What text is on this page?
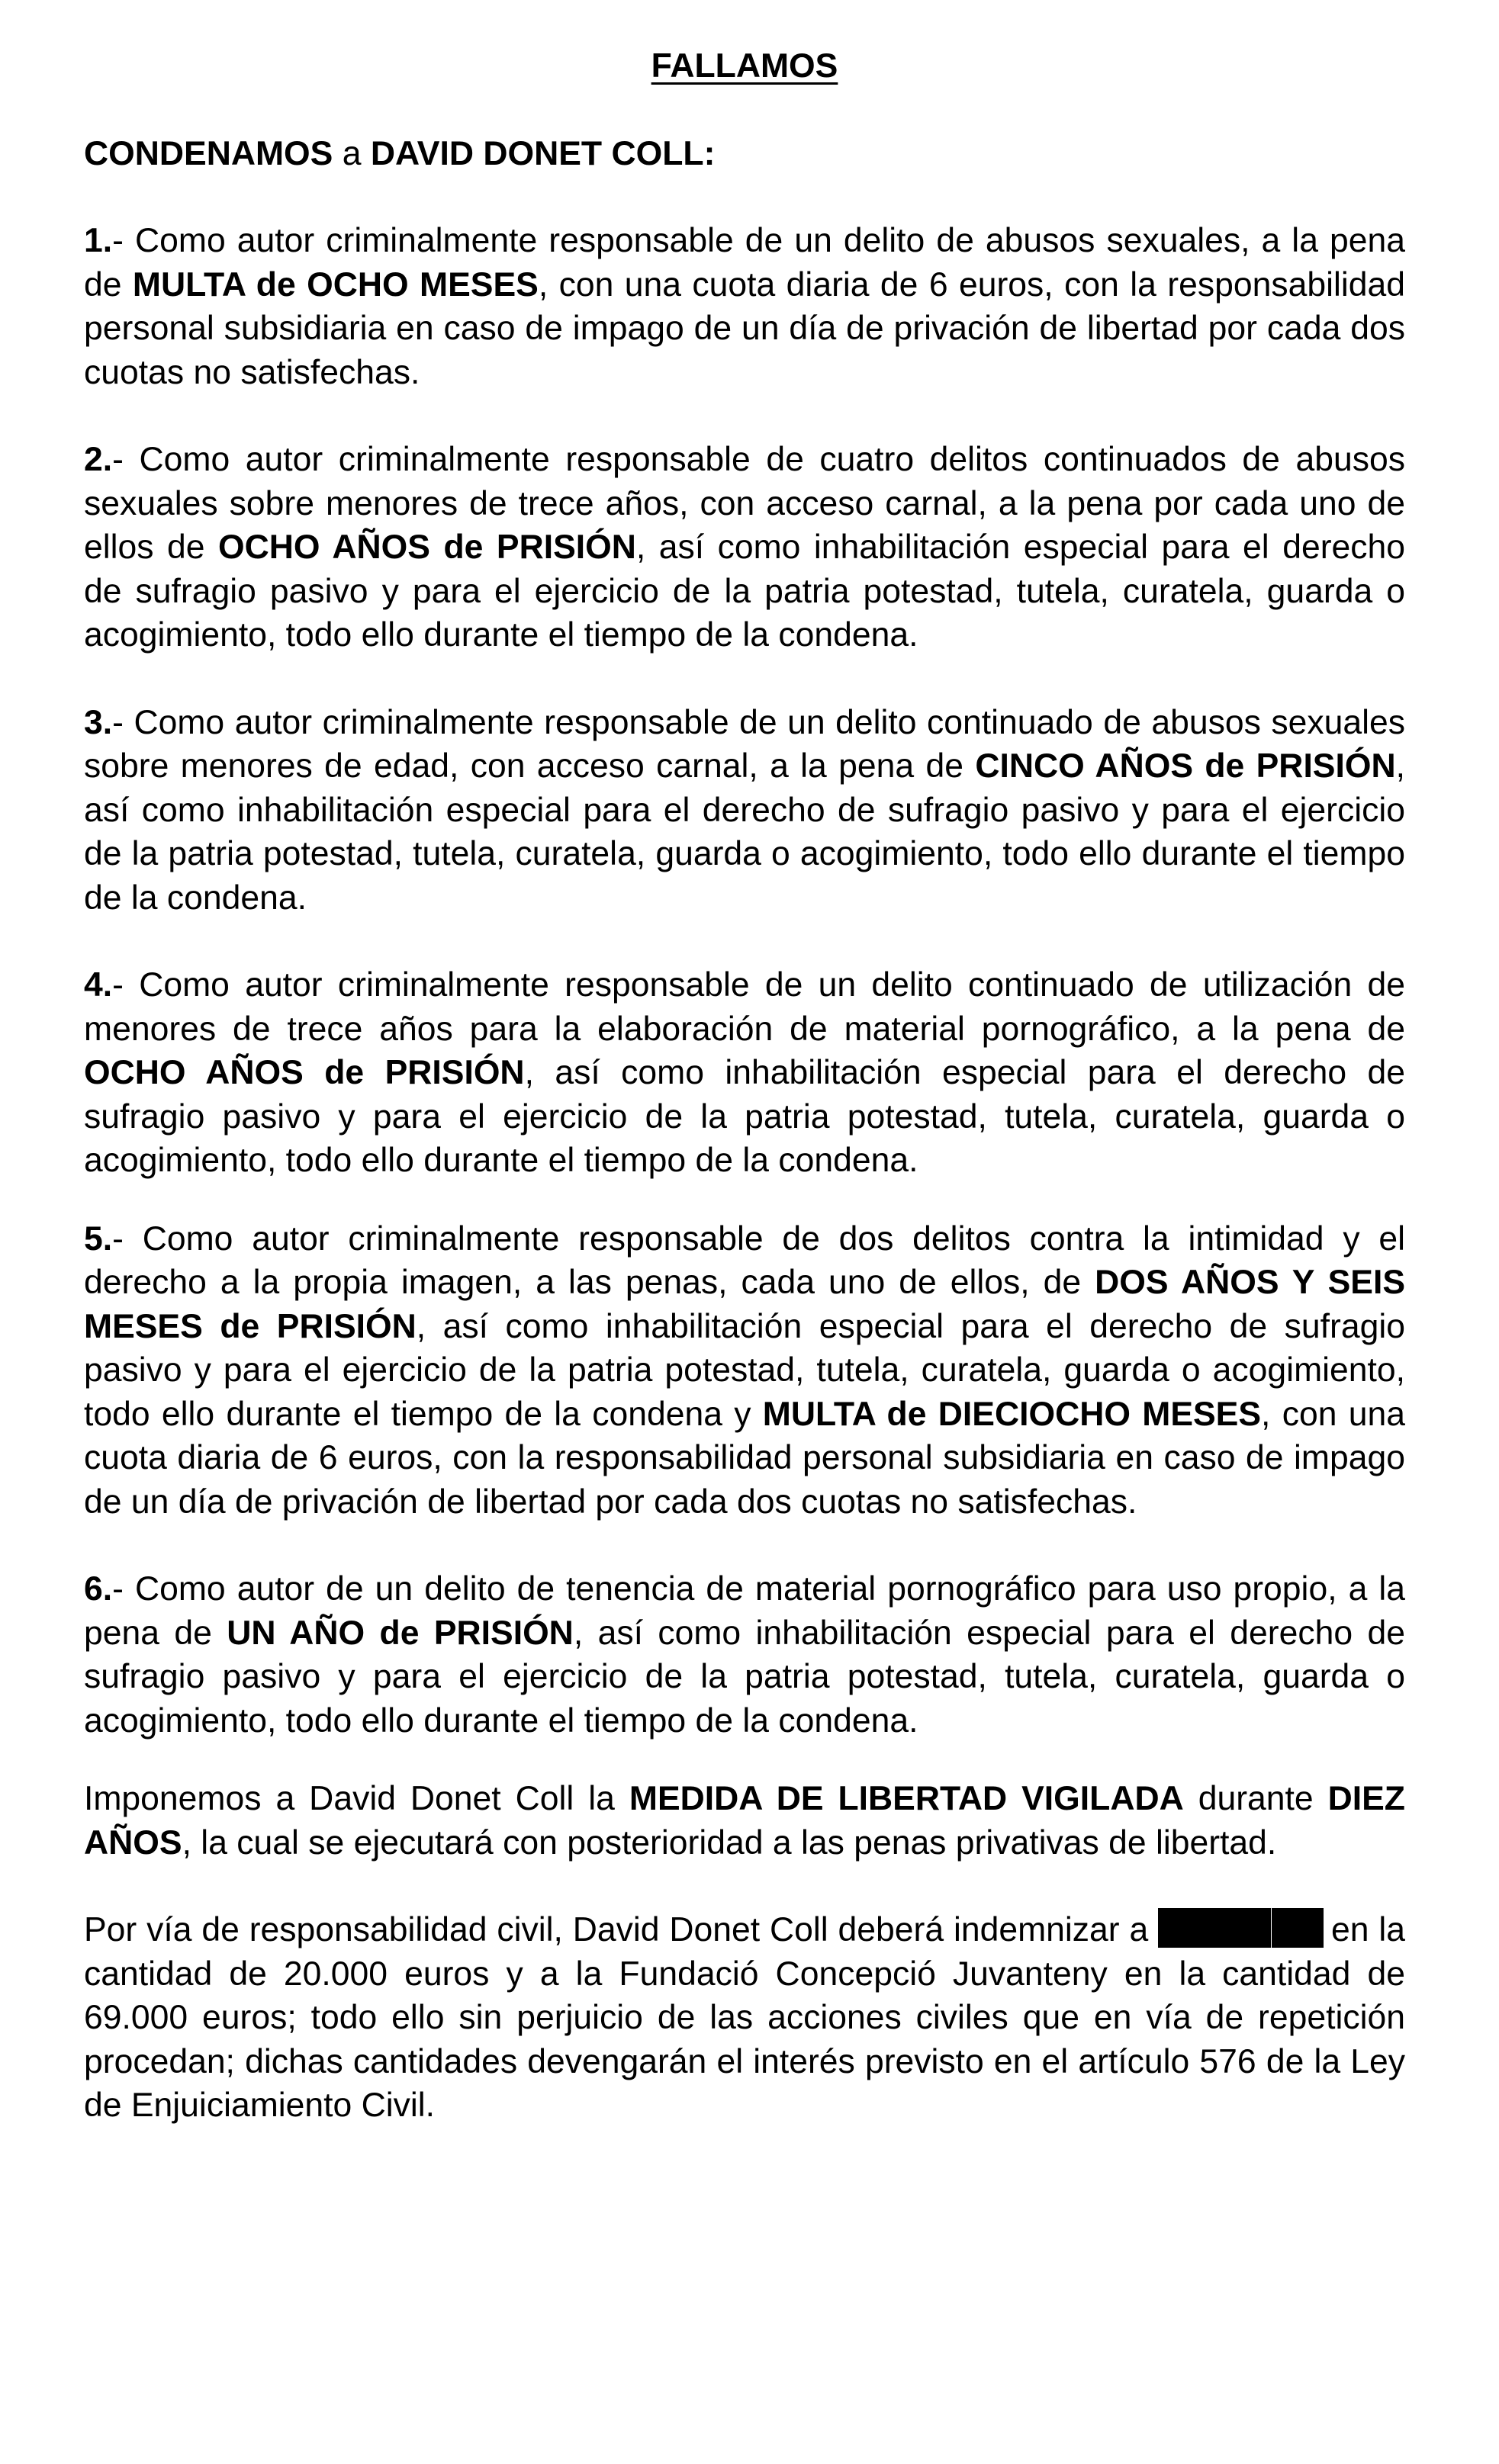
FALLAMOS

CONDENAMOS a DAVID DONET COLL:

1.- Como autor criminalmente responsable de un delito de abusos sexuales, a la pena de MULTA de OCHO MESES, con una cuota diaria de 6 euros, con la responsabilidad personal subsidiaria en caso de impago de un día de privación de libertad por cada dos cuotas no satisfechas.

2.- Como autor criminalmente responsable de cuatro delitos continuados de abusos sexuales sobre menores de trece años, con acceso carnal, a la pena por cada uno de ellos de OCHO AÑOS de PRISIÓN, así como inhabilitación especial para el derecho de sufragio pasivo y para el ejercicio de la patria potestad, tutela, curatela, guarda o acogimiento, todo ello durante el tiempo de la condena.

3.- Como autor criminalmente responsable de un delito continuado de abusos sexuales sobre menores de edad, con acceso carnal, a la pena de CINCO AÑOS de PRISIÓN, así como inhabilitación especial para el derecho de sufragio pasivo y para el ejercicio de la patria potestad, tutela, curatela, guarda o acogimiento, todo ello durante el tiempo de la condena.

4.- Como autor criminalmente responsable de un delito continuado de utilización de menores de trece años para la elaboración de material pornográfico, a la pena de OCHO AÑOS de PRISIÓN, así como inhabilitación especial para el derecho de sufragio pasivo y para el ejercicio de la patria potestad, tutela, curatela, guarda o acogimiento, todo ello durante el tiempo de la condena.

5.- Como autor criminalmente responsable de dos delitos contra la intimidad y el derecho a la propia imagen, a las penas, cada uno de ellos, de DOS AÑOS Y SEIS MESES de PRISIÓN, así como inhabilitación especial para el derecho de sufragio pasivo y para el ejercicio de la patria potestad, tutela, curatela, guarda o acogimiento, todo ello durante el tiempo de la condena y MULTA de DIECIOCHO MESES, con una cuota diaria de 6 euros, con la responsabilidad personal subsidiaria en caso de impago de un día de privación de libertad por cada dos cuotas no satisfechas.

6.- Como autor de un delito de tenencia de material pornográfico para uso propio, a la pena de UN AÑO de PRISIÓN, así como inhabilitación especial para el derecho de sufragio pasivo y para el ejercicio de la patria potestad, tutela, curatela, guarda o acogimiento, todo ello durante el tiempo de la condena.

Imponemos a David Donet Coll la MEDIDA DE LIBERTAD VIGILADA durante DIEZ AÑOS, la cual se ejecutará con posterioridad a las penas privativas de libertad.

Por vía de responsabilidad civil, David Donet Coll deberá indemnizar a	en la cantidad de 20.000 euros y a la Fundació Concepció Juvanteny en la cantidad de 69.000 euros; todo ello sin perjuicio de las acciones civiles que en vía de repetición procedan; dichas cantidades devengarán el interés previsto en el artículo 576 de la Ley de Enjuiciamiento Civil.
